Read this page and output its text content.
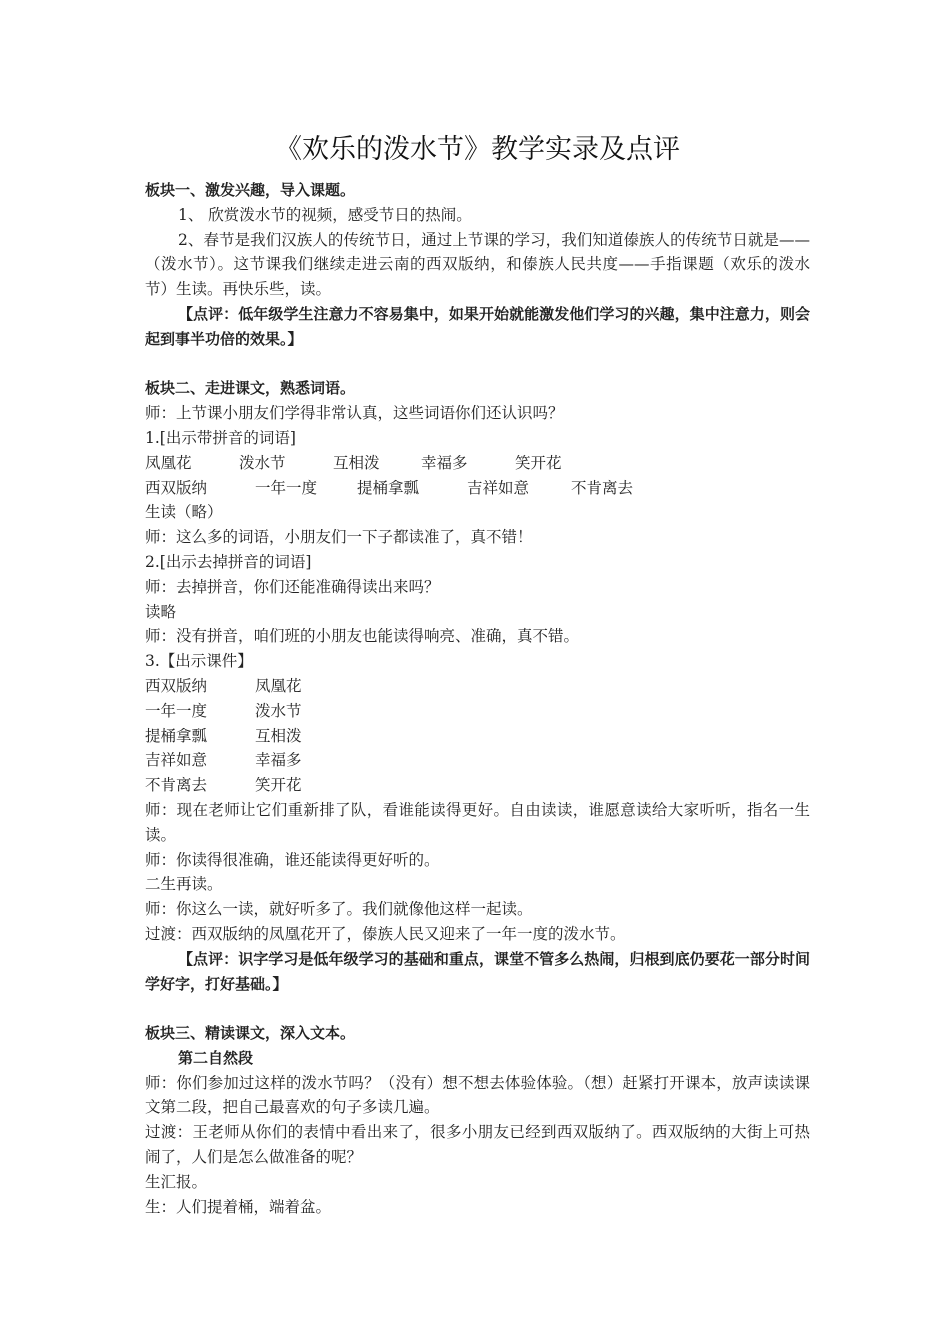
《欢乐的泼水节》教学实录及点评

板块一、激发兴趣，导入课题。

1、 欣赏泼水节的视频，感受节日的热闹。

2、春节是我们汉族人的传统节日，通过上节课的学习，我们知道傣族人的传统节日就是——（泼水节）。这节课我们继续走进云南的西双版纳，和傣族人民共度——手指课题（欢乐的泼水节）生读。再快乐些，读。

【点评：低年级学生注意力不容易集中，如果开始就能激发他们学习的兴趣，集中注意力，则会起到事半功倍的效果。】

板块二、走进课文，熟悉词语。

师：上节课小朋友们学得非常认真，这些词语你们还认识吗？

1.[出示带拼音的词语]

凤凰花	泼水节	互相泼	幸福多	笑开花
西双版纳	一年一度	提桶拿瓢	吉祥如意	不肯离去

生读（略）

师：这么多的词语，小朋友们一下子都读准了，真不错！

2.[出示去掉拼音的词语]

师：去掉拼音，你们还能准确得读出来吗？

读略

师：没有拼音，咱们班的小朋友也能读得响亮、准确，真不错。

3.【出示课件】

西双版纳	凤凰花
一年一度	泼水节
提桶拿瓢	互相泼
吉祥如意	幸福多
不肯离去	笑开花

师：现在老师让它们重新排了队，看谁能读得更好。自由读读，谁愿意读给大家听听，指名一生读。

师：你读得很准确，谁还能读得更好听的。

二生再读。

师：你这么一读，就好听多了。我们就像他这样一起读。

过渡：西双版纳的凤凰花开了，傣族人民又迎来了一年一度的泼水节。

【点评：识字学习是低年级学习的基础和重点，课堂不管多么热闹，归根到底仍要花一部分时间学好字，打好基础。】

板块三、精读课文，深入文本。

第二自然段

师：你们参加过这样的泼水节吗？（没有）想不想去体验体验。（想）赶紧打开课本，放声读读课文第二段，把自己最喜欢的句子多读几遍。

过渡：王老师从你们的表情中看出来了，很多小朋友已经到西双版纳了。西双版纳的大街上可热闹了，人们是怎么做准备的呢？

生汇报。

生：人们提着桶，端着盆。
